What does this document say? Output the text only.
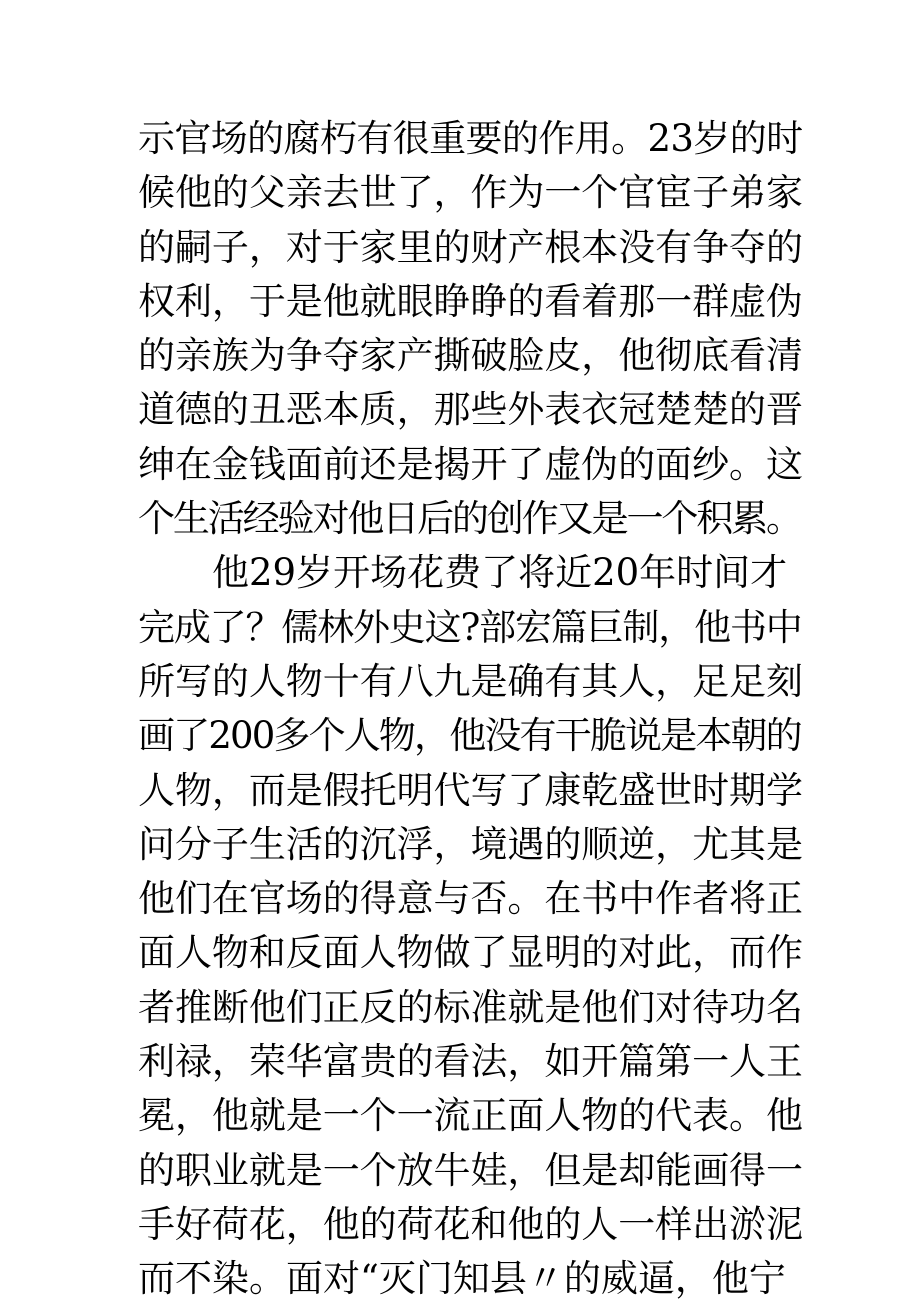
示官场的腐朽有很重要的作用。23岁的时
候他的父亲去世了，作为一个官宦子弟家
的嗣子，对于家里的财产根本没有争夺的
权利，于是他就眼睁睁的看着那一群虚伪
的亲族为争夺家产撕破脸皮，他彻底看清
道德的丑恶本质，那些外表衣冠楚楚的晋
绅在金钱面前还是揭开了虚伪的面纱。这
个生活经验对他日后的创作又是一个积累。
　　他29岁开场花费了将近20年时间才
完成了？儒林外史这?部宏篇巨制，他书中
所写的人物十有八九是确有其人，足足刻
画了200多个人物，他没有干脆说是本朝的
人物，而是假托明代写了康乾盛世时期学
问分子生活的沉浮，境遇的顺逆，尤其是
他们在官场的得意与否。在书中作者将正
面人物和反面人物做了显明的对此，而作
者推断他们正反的标准就是他们对待功名
利禄，荣华富贵的看法，如开篇第一人王
冕，他就是一个一流正面人物的代表。他
的职业就是一个放牛娃，但是却能画得一
手好荷花，他的荷花和他的人一样出淤泥
而不染。面对“灭门知县〃的威逼，他宁
